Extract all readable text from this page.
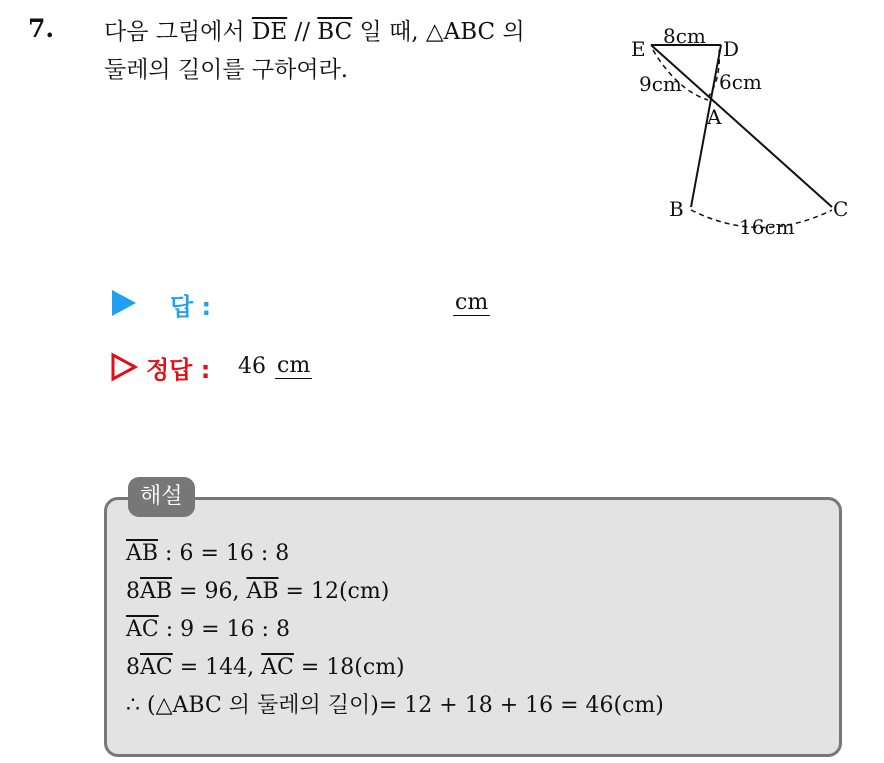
7. 다음 그림에서 $\overline{DE} // \overline{BC}$ 일 때, △ABC 의
둘레의 길이를 구하여라.
E	D
A
B	C
8cm
9cm 6cm
16cm
답 :	cm
정답 : 46 cm
해설
$\overline{AB}$ : 6 = 16 : 8
$8\overline{AB} = 96$, $\overline{AB} = 12(cm)$
$\overline{AC}$ : 9 = 16 : 8
$8\overline{AC} = 144$, $\overline{AC} = 18(cm)$
∴ (△ABC 의 둘레의 길이)= 12 + 18 + 16 = 46(cm)
